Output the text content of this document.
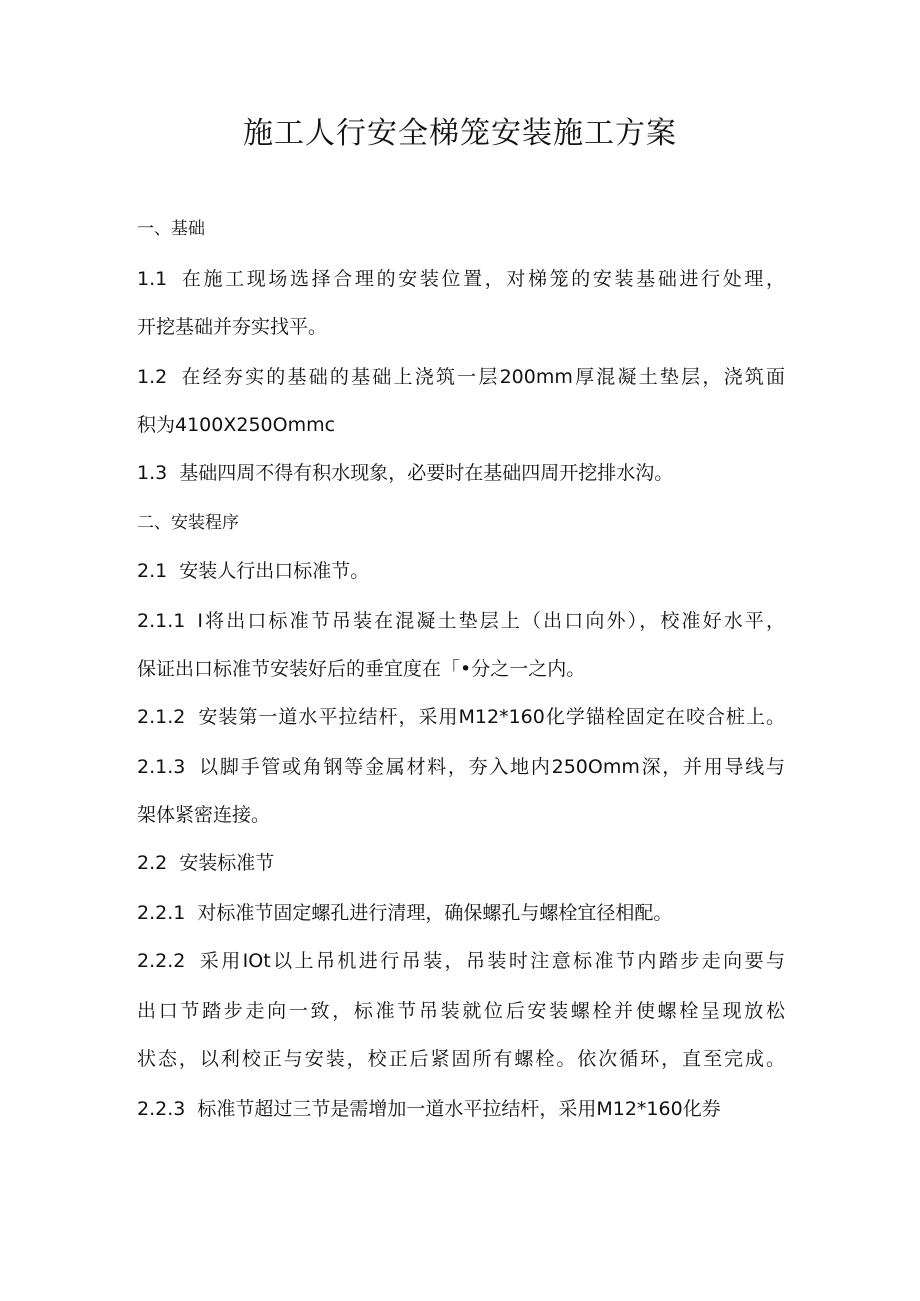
施工人行安全梯笼安装施工方案
一、基础
1.1 在施工现场选择合理的安装位置，对梯笼的安装基础进行处理，
开挖基础并夯实找平。
1.2 在经夯实的基础的基础上浇筑一层200mm厚混凝土垫层，浇筑面
积为4100X250Ommc
1.3 基础四周不得有积水现象，必要时在基础四周开挖排水沟。
二、安装程序
2.1 安装人行出口标准节。
2.1.1 I将出口标准节吊装在混凝土垫层上（出口向外），校准好水平，
保证出口标准节安装好后的垂宜度在「•分之一之内。
2.1.2 安装第一道水平拉结杆，采用M12*160化学锚栓固定在咬合桩上。
2.1.3 以脚手管或角钢等金属材料，夯入地内250Omm深，并用导线与
架体紧密连接。
2.2 安装标准节
2.2.1 对标准节固定螺孔进行清理，确保螺孔与螺栓宜径相配。
2.2.2 采用IOt以上吊机进行吊装，吊装时注意标准节内踏步走向要与
出口节踏步走向一致，标准节吊装就位后安装螺栓并使螺栓呈现放松
状态，以利校正与安装，校正后紧固所有螺栓。依次循环，直至完成。
2.2.3 标准节超过三节是需增加一道水平拉结杆，采用M12*160化券
